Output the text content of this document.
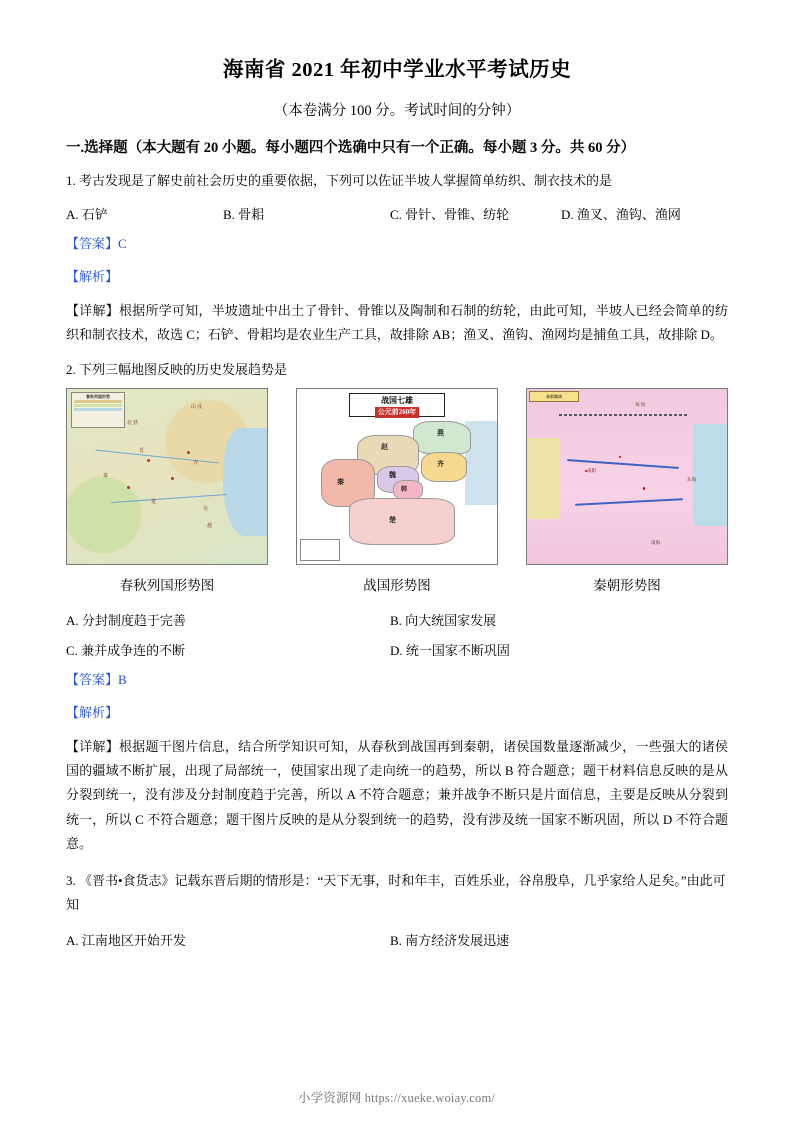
海南省 2021 年初中学业水平考试历史
（本卷满分 100 分。考试时间的分钟）
一.选择题（本大题有 20 小题。每小题四个选确中只有一个正确。每小题 3 分。共 60 分）
1. 考古发现是了解史前社会历史的重要依据，下列可以佐证半坡人掌握简单纺织、制衣技术的是
A. 石铲	B. 骨耜	C. 骨针、骨锥、纺轮	D. 渔叉、渔钩、渔网
【答案】C
【解析】
【详解】根据所学可知，半坡遗址中出土了骨针、骨锥以及陶制和石制的纺轮，由此可知，半坡人已经会简单的纺织和制衣技术，故选 C；石铲、骨耜均是农业生产工具，故排除 AB；渔叉、渔钩、渔网均是捕鱼工具，故排除 D。
2. 下列三幅地图反映的历史发展趋势是
春秋列国形势
山 戎
北 狄
齐
晋
秦
楚
吴
越
春秋列国形势图
战国七雄
公元前260年
燕
赵
齐
魏
韩
秦
楚
战国形势图
秦朝疆域
匈 奴
咸阳
东海
南海
秦朝形势图
A. 分封制度趋于完善	B. 向大统国家发展
C. 兼并成争连的不断	D. 统一国家不断巩固
【答案】B
【解析】
【详解】根据题干图片信息，结合所学知识可知，从春秋到战国再到秦朝，诸侯国数量逐渐减少，一些强大的诸侯国的疆域不断扩展，出现了局部统一，使国家出现了走向统一的趋势，所以 B 符合题意；题干材料信息反映的是从分裂到统一，没有涉及分封制度趋于完善，所以 A 不符合题意；兼并战争不断只是片面信息，主要是反映从分裂到统一，所以 C 不符合题意；题干图片反映的是从分裂到统一的趋势，没有涉及统一国家不断巩固，所以 D 不符合题意。
3. 《晋书•食货志》记载东晋后期的情形是：“天下无事，时和年丰，百姓乐业，谷帛殷阜，几乎家给人足矣。”由此可知
A. 江南地区开始开发	B. 南方经济发展迅速
小学资源网 https://xueke.woiay.com/
